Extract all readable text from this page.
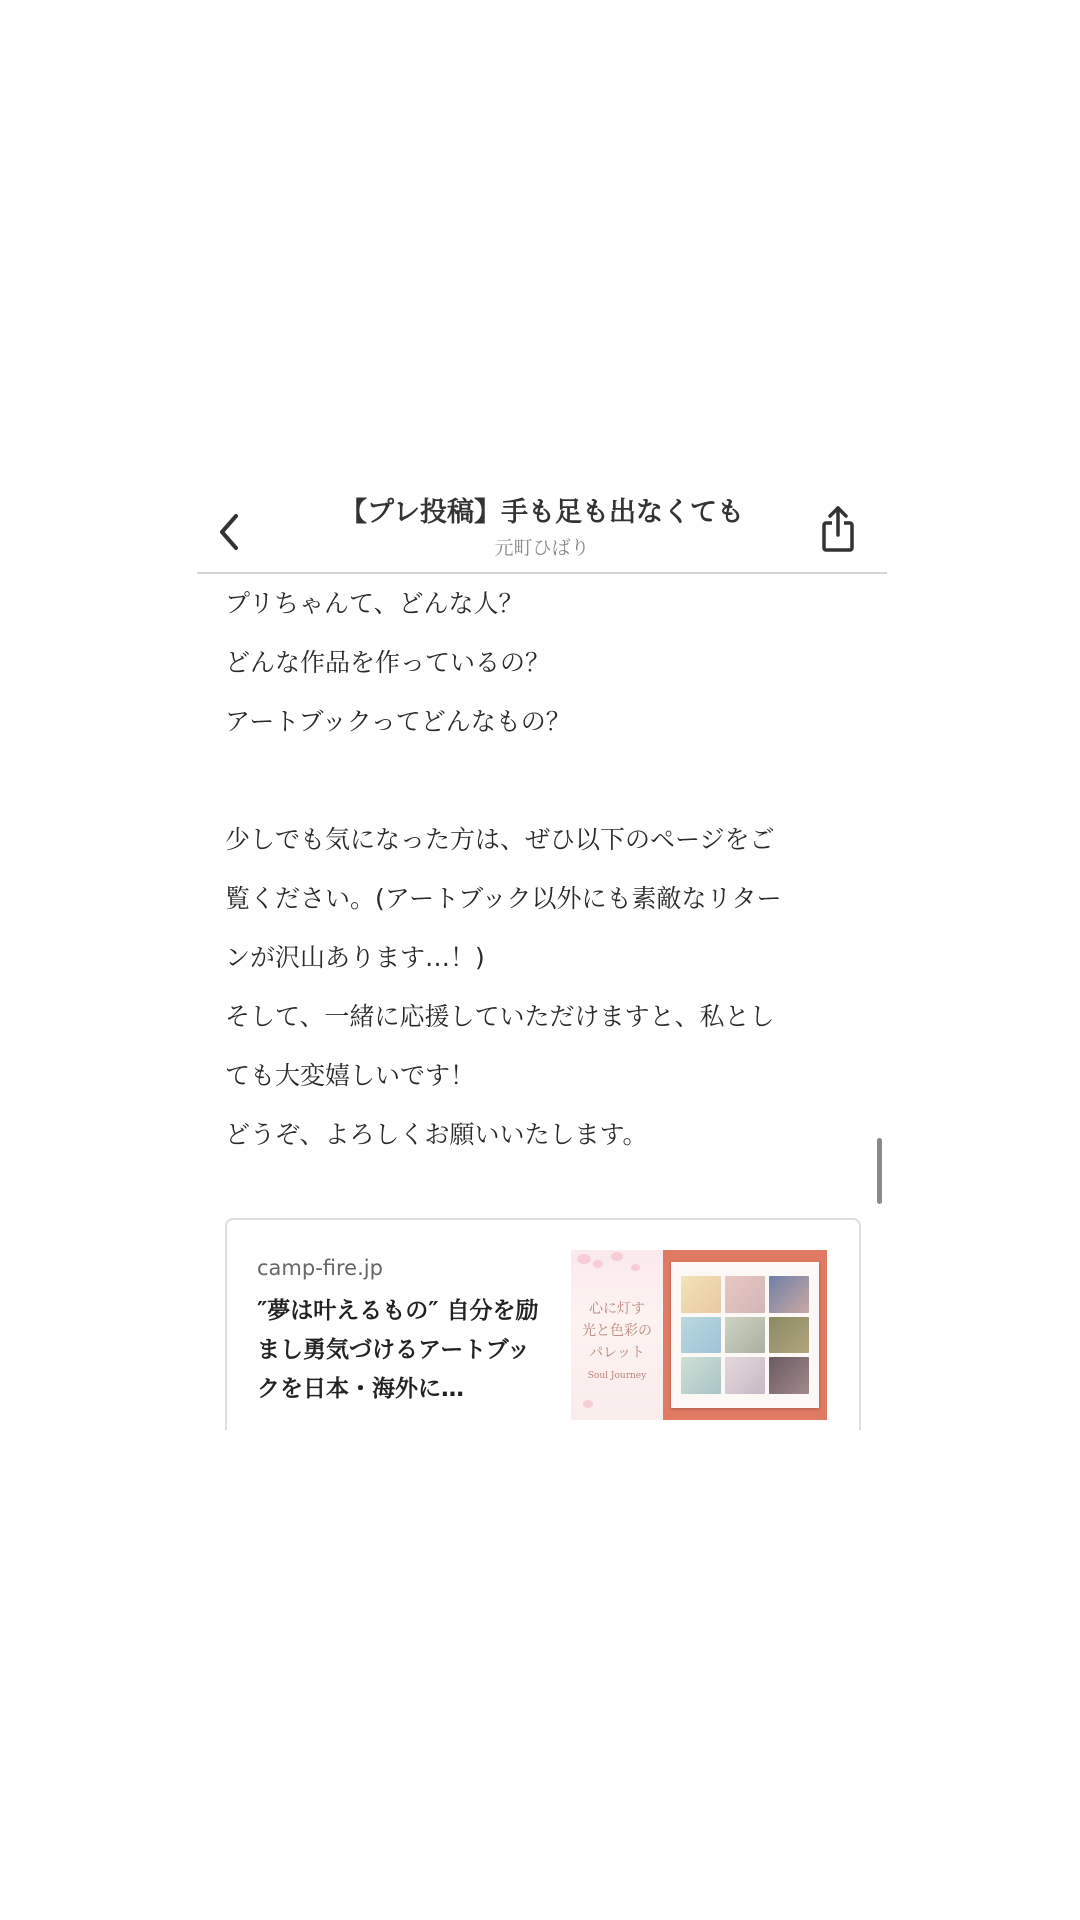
【プレ投稿】手も足も出なくても
元町ひばり
プリちゃんて、どんな人？
どんな作品を作っているの？
アートブックってどんなもの？
少しでも気になった方は、ぜひ以下のページをご
覧ください。(アートブック以外にも素敵なリター
ンが沢山あります…！)
そして、一緒に応援していただけますと、私とし
ても大変嬉しいです！
どうぞ、よろしくお願いいたします。
camp-fire.jp
″夢は叶えるもの″ 自分を励まし勇気づけるアートブックを日本・海外に…
心に灯す
光と色彩の
パレット
Soul Journey
